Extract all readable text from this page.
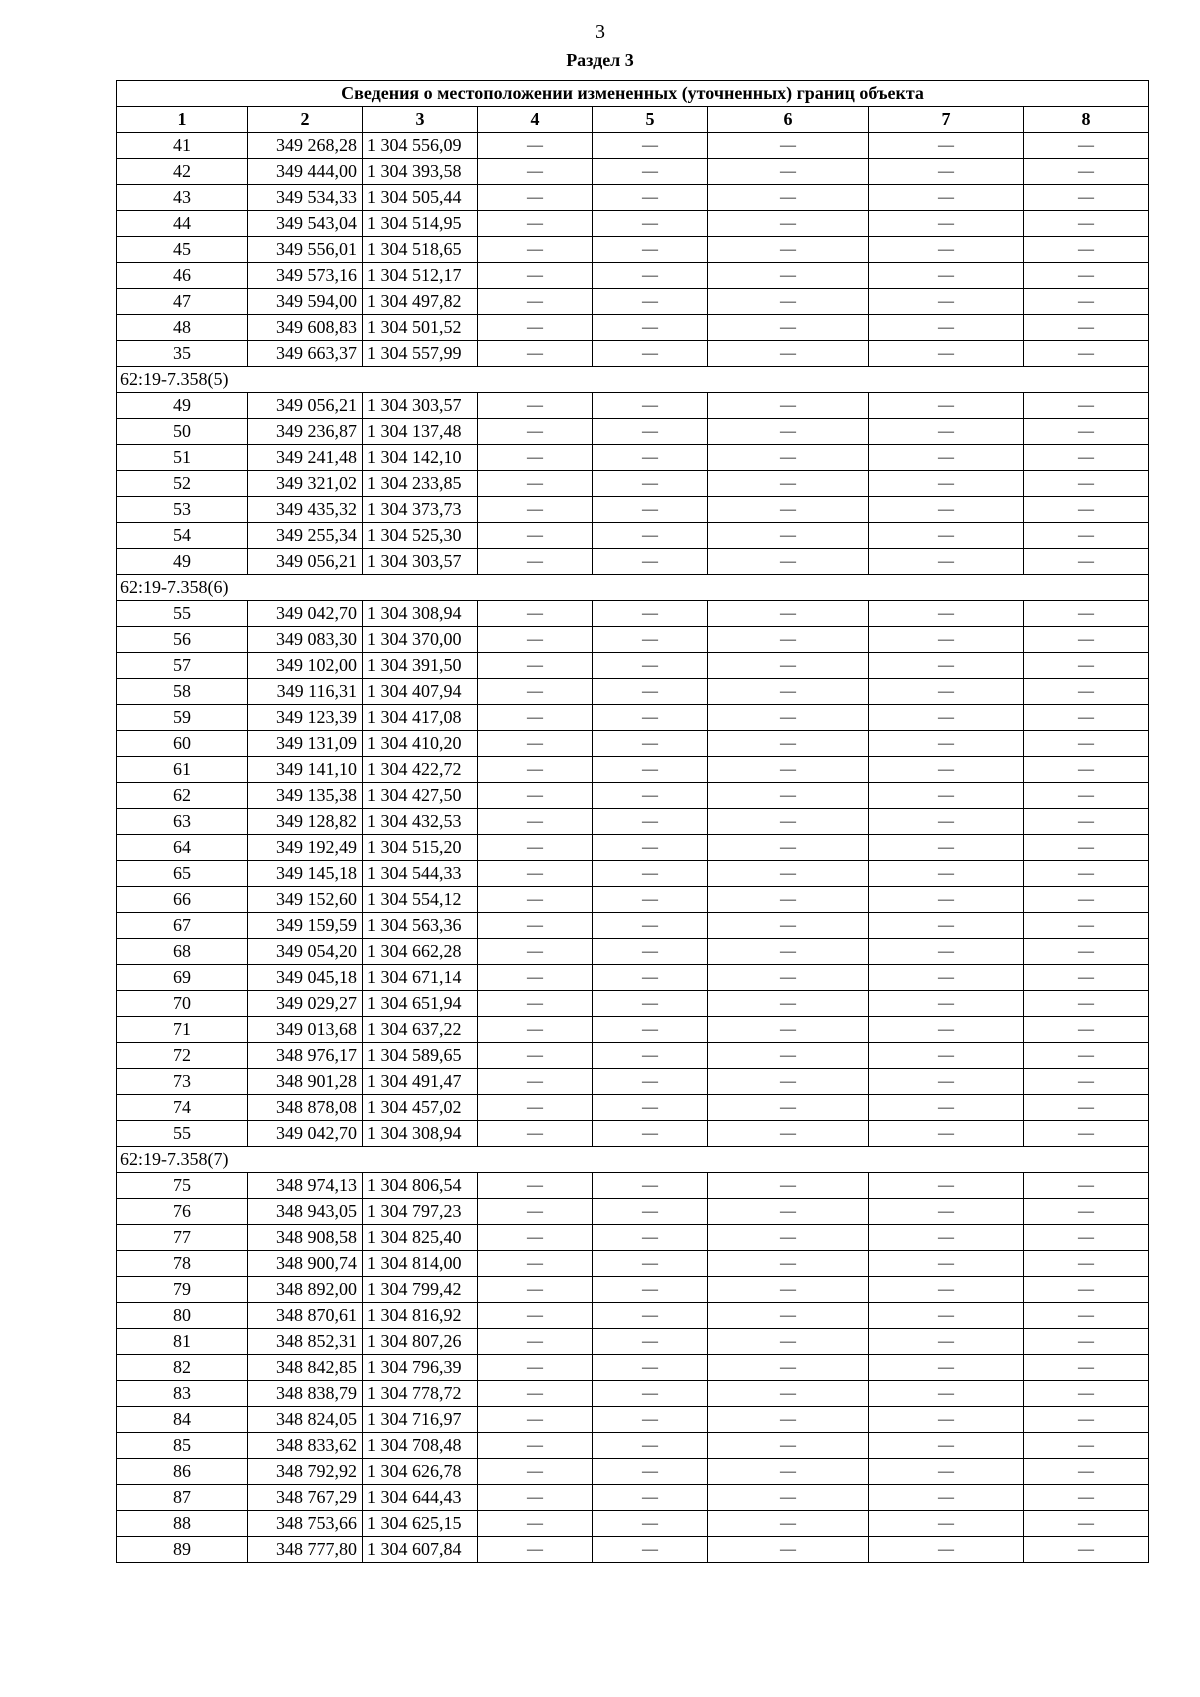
3
Раздел 3
Сведения о местоположении измененных (уточненных) границ объекта							
1	2	3	4	5	6	7	8
41	349 268,28	1 304 556,09	—	—	—	—	—
42	349 444,00	1 304 393,58	—	—	—	—	—
43	349 534,33	1 304 505,44	—	—	—	—	—
44	349 543,04	1 304 514,95	—	—	—	—	—
45	349 556,01	1 304 518,65	—	—	—	—	—
46	349 573,16	1 304 512,17	—	—	—	—	—
47	349 594,00	1 304 497,82	—	—	—	—	—
48	349 608,83	1 304 501,52	—	—	—	—	—
35	349 663,37	1 304 557,99	—	—	—	—	—
62:19-7.358(5)							
49	349 056,21	1 304 303,57	—	—	—	—	—
50	349 236,87	1 304 137,48	—	—	—	—	—
51	349 241,48	1 304 142,10	—	—	—	—	—
52	349 321,02	1 304 233,85	—	—	—	—	—
53	349 435,32	1 304 373,73	—	—	—	—	—
54	349 255,34	1 304 525,30	—	—	—	—	—
49	349 056,21	1 304 303,57	—	—	—	—	—
62:19-7.358(6)							
55	349 042,70	1 304 308,94	—	—	—	—	—
56	349 083,30	1 304 370,00	—	—	—	—	—
57	349 102,00	1 304 391,50	—	—	—	—	—
58	349 116,31	1 304 407,94	—	—	—	—	—
59	349 123,39	1 304 417,08	—	—	—	—	—
60	349 131,09	1 304 410,20	—	—	—	—	—
61	349 141,10	1 304 422,72	—	—	—	—	—
62	349 135,38	1 304 427,50	—	—	—	—	—
63	349 128,82	1 304 432,53	—	—	—	—	—
64	349 192,49	1 304 515,20	—	—	—	—	—
65	349 145,18	1 304 544,33	—	—	—	—	—
66	349 152,60	1 304 554,12	—	—	—	—	—
67	349 159,59	1 304 563,36	—	—	—	—	—
68	349 054,20	1 304 662,28	—	—	—	—	—
69	349 045,18	1 304 671,14	—	—	—	—	—
70	349 029,27	1 304 651,94	—	—	—	—	—
71	349 013,68	1 304 637,22	—	—	—	—	—
72	348 976,17	1 304 589,65	—	—	—	—	—
73	348 901,28	1 304 491,47	—	—	—	—	—
74	348 878,08	1 304 457,02	—	—	—	—	—
55	349 042,70	1 304 308,94	—	—	—	—	—
62:19-7.358(7)							
75	348 974,13	1 304 806,54	—	—	—	—	—
76	348 943,05	1 304 797,23	—	—	—	—	—
77	348 908,58	1 304 825,40	—	—	—	—	—
78	348 900,74	1 304 814,00	—	—	—	—	—
79	348 892,00	1 304 799,42	—	—	—	—	—
80	348 870,61	1 304 816,92	—	—	—	—	—
81	348 852,31	1 304 807,26	—	—	—	—	—
82	348 842,85	1 304 796,39	—	—	—	—	—
83	348 838,79	1 304 778,72	—	—	—	—	—
84	348 824,05	1 304 716,97	—	—	—	—	—
85	348 833,62	1 304 708,48	—	—	—	—	—
86	348 792,92	1 304 626,78	—	—	—	—	—
87	348 767,29	1 304 644,43	—	—	—	—	—
88	348 753,66	1 304 625,15	—	—	—	—	—
89	348 777,80	1 304 607,84	—	—	—	—	—
